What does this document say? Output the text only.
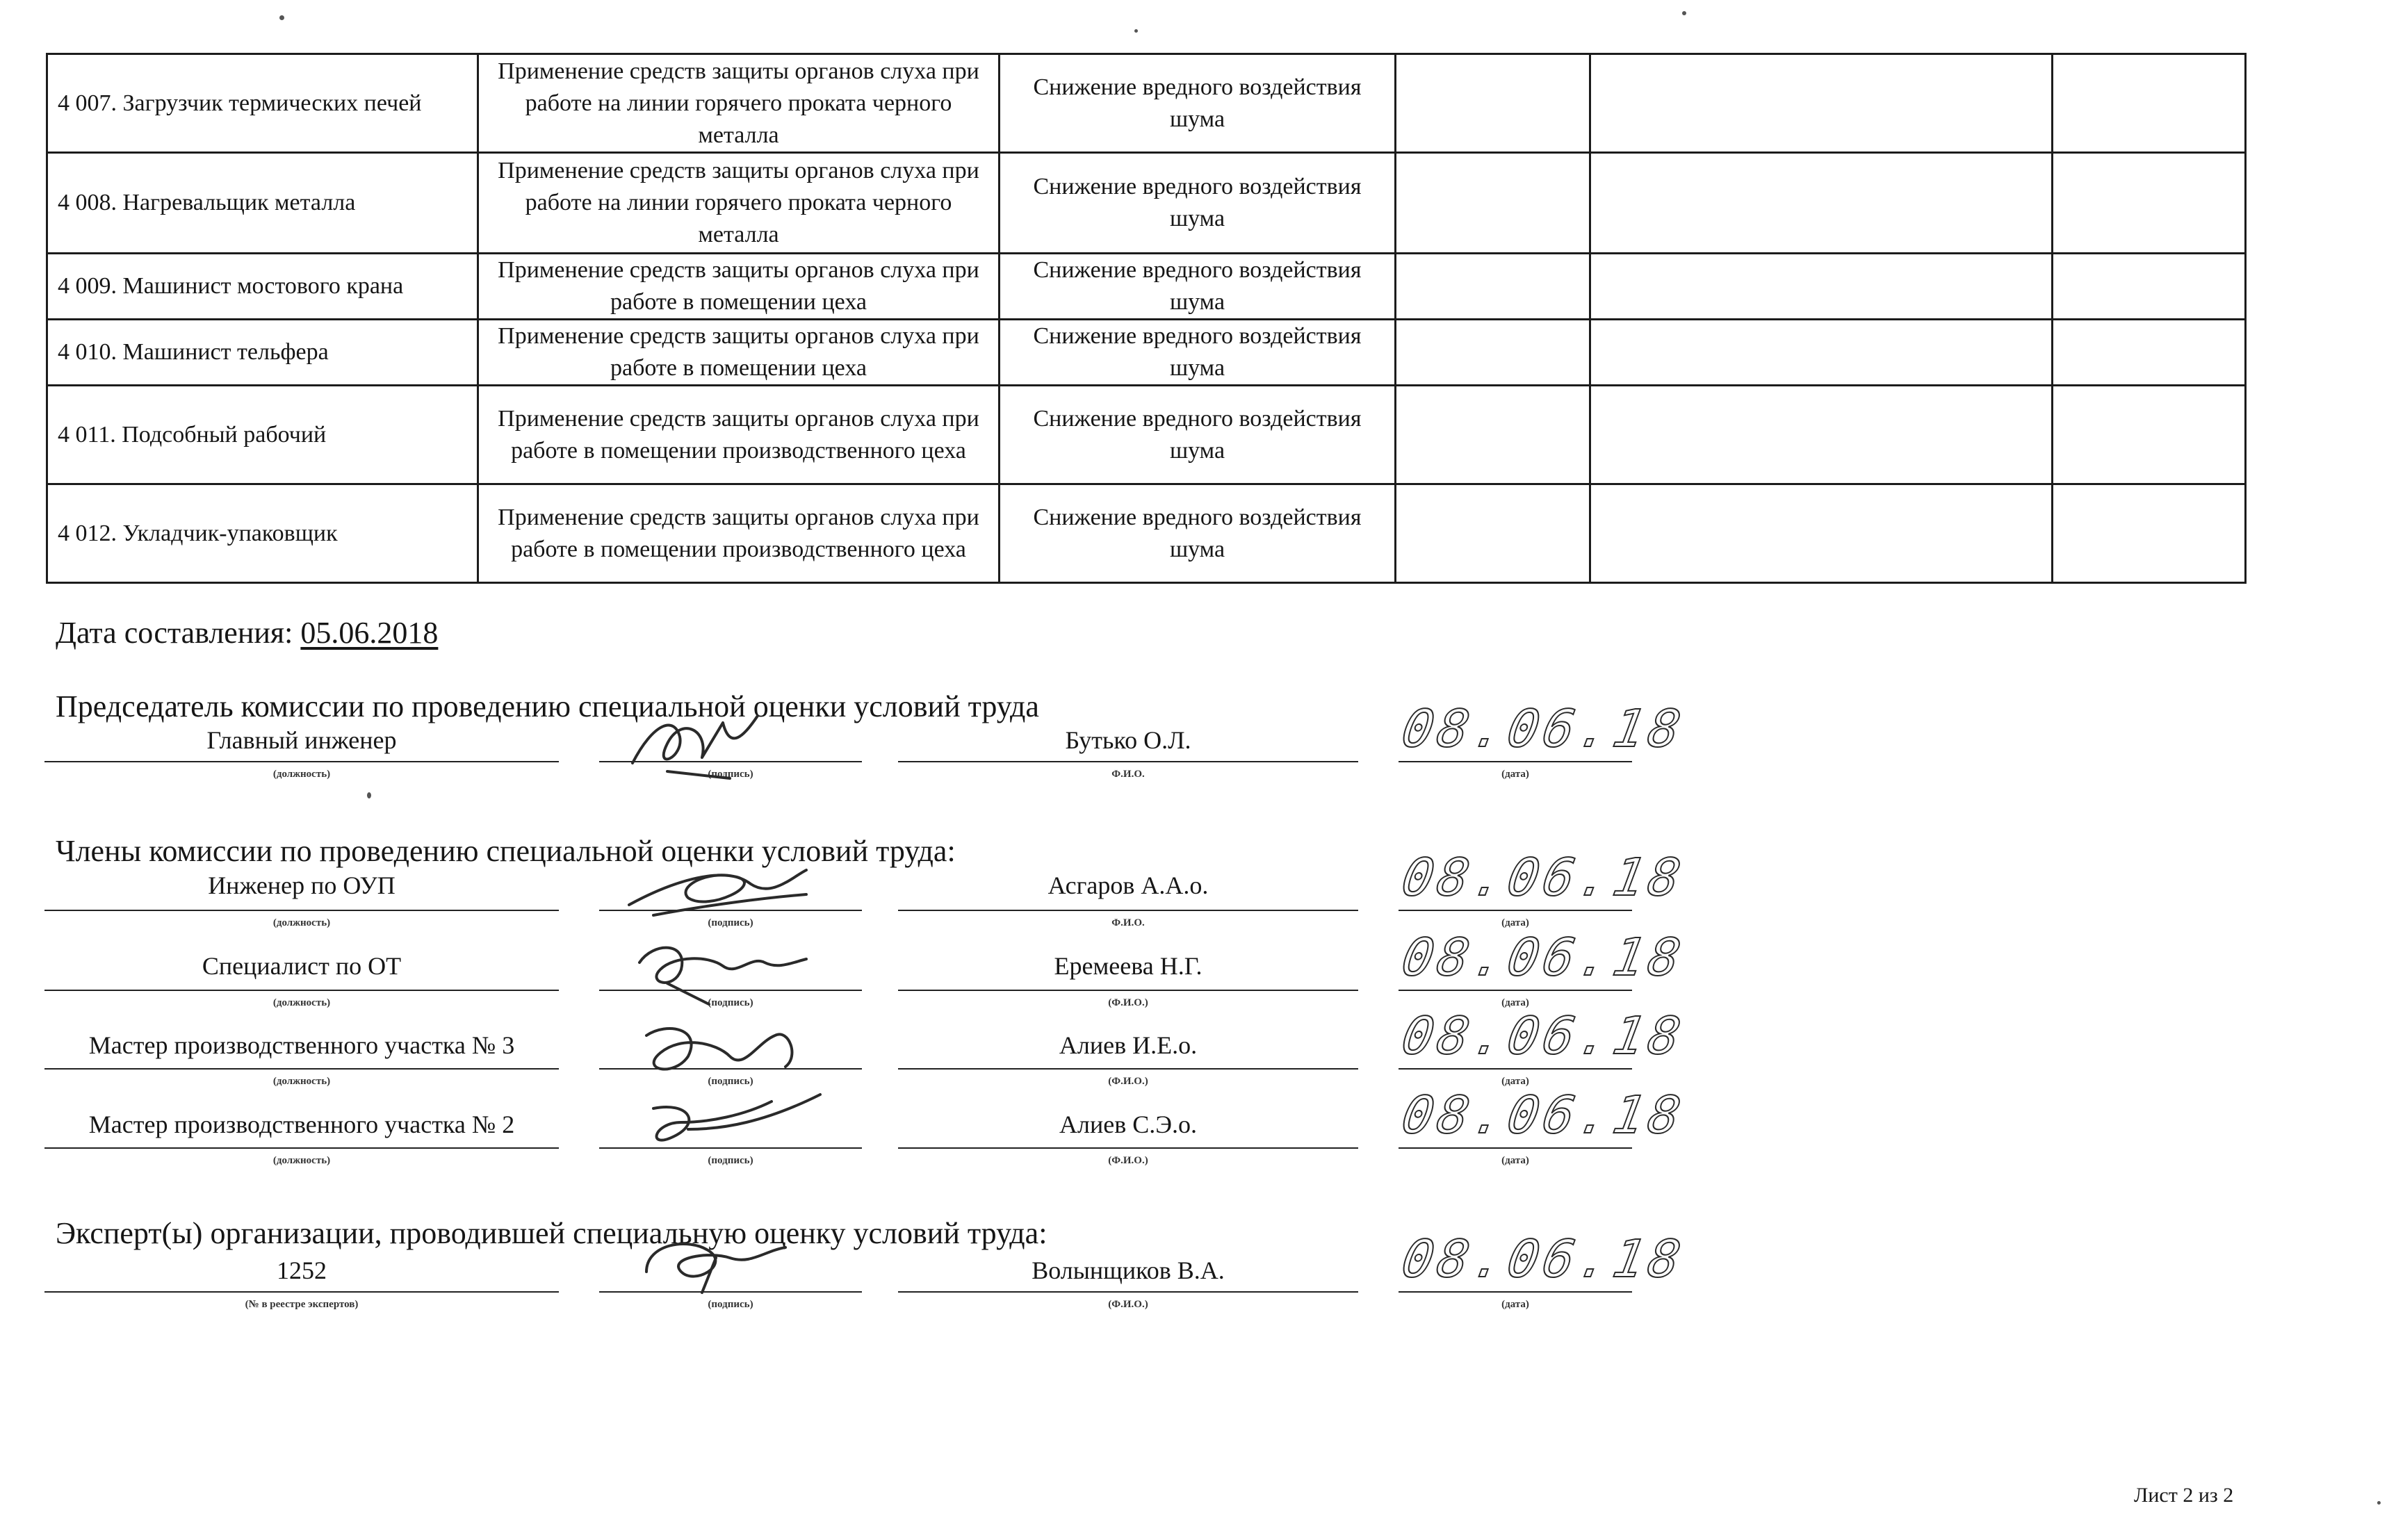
4 007. Загрузчик термических печей	Применение средств защиты органов слуха при работе на линии горячего проката черного металла	Снижение вредного воздействия шума			
4 008. Нагревальщик металла	Применение средств защиты органов слуха при работе на линии горячего проката черного металла	Снижение вредного воздействия шума			
4 009. Машинист мостового крана	Применение средств защиты органов слуха при работе в помещении цеха	Снижение вредного воздействия шума			
4 010. Машинист тельфера	Применение средств защиты органов слуха при работе в помещении цеха	Снижение вредного воздействия шума			
4 011. Подсобный рабочий	Применение средств защиты органов слуха при работе в помещении производственного цеха	Снижение вредного воздействия шума			
4 012. Укладчик-упаковщик	Применение средств защиты органов слуха при работе в помещении производственного цеха	Снижение вредного воздействия шума			
Дата составления: 05.06.2018
Председатель комиссии по проведению специальной оценки условий труда
Члены комиссии по проведению специальной оценки условий труда:
Эксперт(ы) организации, проводившей специальную оценку условий труда:
Главный инженер	Бутько О.Л.
(должность)	(подпись)	Ф.И.О.	(дата)
08.06.18
Инженер по ОУП	Асгаров А.А.о.
(должность)	(подпись)	Ф.И.О.	(дата)
08.06.18
Специалист по ОТ	Еремеева Н.Г.
(должность)	(подпись)	(Ф.И.О.)	(дата)
08.06.18
Мастер производственного участка № 3	Алиев И.Е.о.
(должность)	(подпись)	(Ф.И.О.)	(дата)
08.06.18
Мастер производственного участка № 2	Алиев С.Э.о.
(должность)	(подпись)	(Ф.И.О.)	(дата)
08.06.18
1252	Волынщиков В.А.
(№ в реестре экспертов)	(подпись)	(Ф.И.О.)	(дата)
08.06.18
Лист 2 из 2
